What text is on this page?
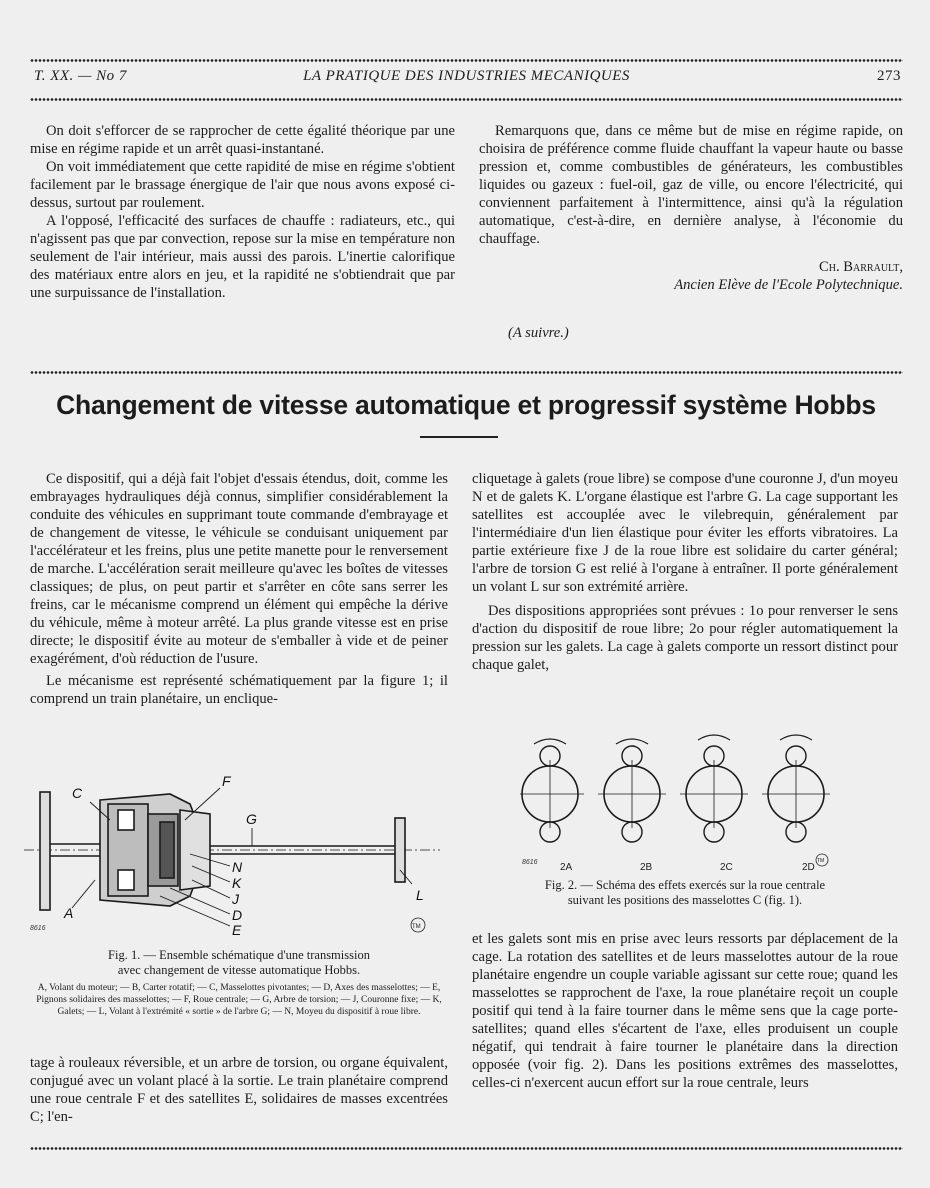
T. XX. — No 7	LA PRATIQUE DES INDUSTRIES MECANIQUES	273

On doit s'efforcer de se rapprocher de cette égalité théorique par une mise en régime rapide et un arrêt quasi-instantané.

On voit immédiatement que cette rapidité de mise en régime s'obtient facilement par le brassage énergique de l'air que nous avons exposé ci-dessus, surtout par roulement.

A l'opposé, l'efficacité des surfaces de chauffe : radiateurs, etc., qui n'agissent pas que par convection, repose sur la mise en température non seulement de l'air intérieur, mais aussi des parois. L'inertie calorifique des matériaux entre alors en jeu, et la rapidité ne s'obtiendrait que par une surpuissance de l'installation.

Remarquons que, dans ce même but de mise en régime rapide, on choisira de préférence comme fluide chauffant la vapeur haute ou basse pression et, comme combustibles de générateurs, les combustibles liquides ou gazeux : fuel-oil, gaz de ville, ou encore l'électricité, qui conviennent parfaitement à l'intermittence, ainsi qu'à la régulation automatique, c'est-à-dire, en dernière analyse, à l'économie du chauffage.

Ch. Barrault,

Ancien Elève de l'Ecole Polytechnique.

(A suivre.)
Changement de vitesse automatique et progressif système Hobbs

Ce dispositif, qui a déjà fait l'objet d'essais étendus, doit, comme les embrayages hydrauliques déjà connus, simplifier considérablement la conduite des véhicules en supprimant toute commande d'embrayage et de changement de vitesse, le véhicule se conduisant uniquement par l'accélérateur et les freins, plus une petite manette pour le renversement de marche. L'accélération serait meilleure qu'avec les boîtes de vitesses classiques; de plus, on peut partir et s'arrêter en côte sans serrer les freins, car le mécanisme comprend un élément qui empêche la dérive du véhicule, même à moteur arrêté. La plus grande vitesse est en prise directe; le dispositif évite au moteur de s'emballer à vide et de peiner exagérément, d'où réduction de l'usure.

Le mécanisme est représenté schématiquement par la figure 1; il comprend un train planétaire, un enclique-

C
F
G
N
K
J
D
E
A
L
8616	TM
Fig. 1. — Ensemble schématique d'une transmission
avec changement de vitesse automatique Hobbs.
A, Volant du moteur; — B, Carter rotatif; — C, Masselottes pivotantes; — D, Axes des masselottes; — E, Pignons solidaires des masselottes; — F, Roue centrale; — G, Arbre de torsion; — J, Couronne fixe; — K, Galets; — L, Volant à l'extrémité « sortie » de l'arbre G; — N, Moyeu du dispositif à roue libre.

tage à rouleaux réversible, et un arbre de torsion, ou organe équivalent, conjugué avec un volant placé à la sortie. Le train planétaire comprend une roue centrale F et des satellites E, solidaires de masses excentrées C; l'en-

cliquetage à galets (roue libre) se compose d'une couronne J, d'un moyeu N et de galets K. L'organe élastique est l'arbre G. La cage supportant les satellites est accouplée avec le vilebrequin, généralement par l'intermédiaire d'un lien élastique pour éviter les efforts vibratoires. La partie extérieure fixe J de la roue libre est solidaire du carter général; l'arbre de torsion G est relié à l'organe à entraîner. Il porte généralement un volant L sur son extrémité arrière.

Des dispositions appropriées sont prévues : 1o pour renverser le sens d'action du dispositif de roue libre; 2o pour régler automatiquement la pression sur les galets. La cage à galets comporte un ressort distinct pour chaque galet,

8616 2A	2B	2C	2D
TM
Fig. 2. — Schéma des effets exercés sur la roue centrale
suivant les positions des masselottes C (fig. 1).

et les galets sont mis en prise avec leurs ressorts par déplacement de la cage. La rotation des satellites et de leurs masselottes autour de la roue planétaire engendre un couple variable agissant sur cette roue; quand les masselottes se rapprochent de l'axe, la roue planétaire reçoit un couple positif qui tend à la faire tourner dans le même sens que la cage porte-satellites; quand elles s'écartent de l'axe, elles produisent un couple négatif, qui tendrait à faire tourner le planétaire dans la direction opposée (voir fig. 2). Dans les positions extrêmes des masselottes, celles-ci n'exercent aucun effort sur la roue centrale, leurs
